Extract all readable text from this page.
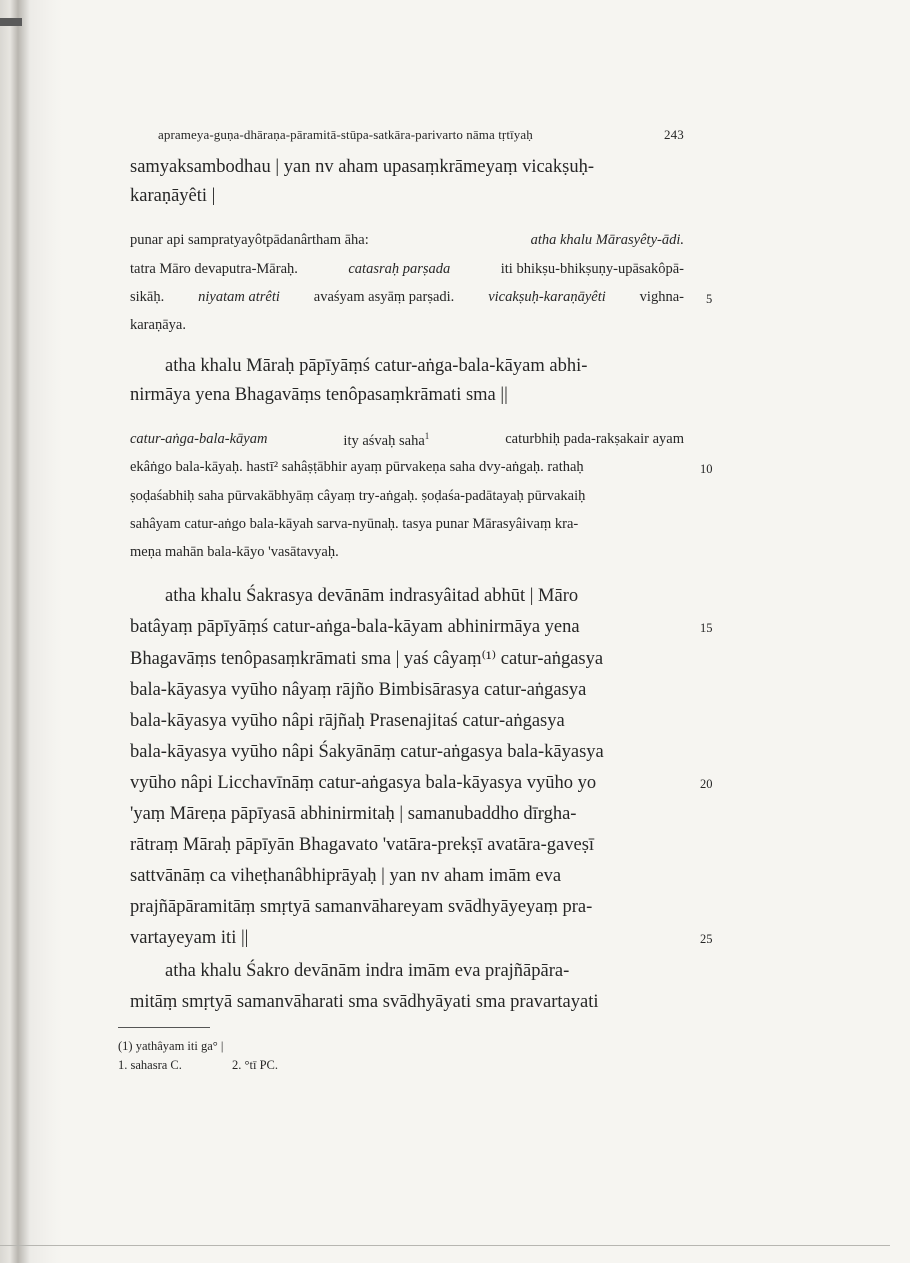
aprameya-guṇa-dhāraṇa-pāramitā-stūpa-satkāra-parivarto nāma tṛtīyaḥ	243
samyaksambodhau | yan nv aham upasaṃkrāmeyaṃ vicakṣuḥ-
karaṇāyêti |
punar api sampratyayôtpādanârtham āha:	atha khalu Mārasyêty-ādi.
tatra Māro devaputra-Māraḥ.	catasraḥ parṣada	iti bhikṣu-bhikṣuṇy-upāsakôpā-
sikāḥ. niyatam atrêti avaśyam asyāṃ parṣadi. vicakṣuḥ-karaṇāyêti vighna- 5
karaṇāya.
atha khalu Māraḥ pāpīyāṃś catur-aṅga-bala-kāyam abhi-
nirmāya yena Bhagavāṃs tenôpasaṃkrāmati sma ||
catur-aṅga-bala-kāyam	ity aśvaḥ saha$^1$	caturbhiḥ pada-rakṣakair ayam
ekâṅgo bala-kāyaḥ. hastī² sahâṣṭābhir ayaṃ pūrvakeṇa saha dvy-aṅgaḥ. rathaḥ	10
ṣoḍaśabhiḥ saha pūrvakābhyāṃ câyaṃ try-aṅgaḥ. ṣoḍaśa-padātayaḥ pūrvakaiḥ
sahâyam catur-aṅgo bala-kāyah sarva-nyūnaḥ. tasya punar Mārasyâivaṃ kra-
meṇa mahān bala-kāyo 'vasātavyaḥ.
atha khalu Śakrasya devānām indrasyâitad abhūt | Māro
batâyaṃ pāpīyāṃś catur-aṅga-bala-kāyam abhinirmāya yena	15
Bhagavāṃs tenôpasaṃkrāmati sma | yaś câyaṃ⁽¹⁾ catur-aṅgasya
bala-kāyasya vyūho nâyaṃ rājño Bimbisārasya catur-aṅgasya
bala-kāyasya vyūho nâpi rājñaḥ Prasenajitaś catur-aṅgasya
bala-kāyasya vyūho nâpi Śakyānāṃ catur-aṅgasya bala-kāyasya
vyūho nâpi Licchavīnāṃ catur-aṅgasya bala-kāyasya vyūho yo	20
'yaṃ Māreṇa pāpīyasā abhinirmitaḥ | samanubaddho dīrgha-
rātraṃ Māraḥ pāpīyān Bhagavato 'vatāra-prekṣī avatāra-gaveṣī
sattvānāṃ ca viheṭhanâbhiprāyaḥ | yan nv aham imām eva
prajñāpāramitāṃ smṛtyā samanvāhareyam svādhyāyeyaṃ pra-
vartayeyam iti ||	25
atha khalu Śakro devānām indra imām eva prajñāpāra-
mitāṃ smṛtyā samanvāharati sma svādhyāyati sma pravartayati
(1) yathâyam iti ga° |
1. sahasra C.	2. °tī PC.
